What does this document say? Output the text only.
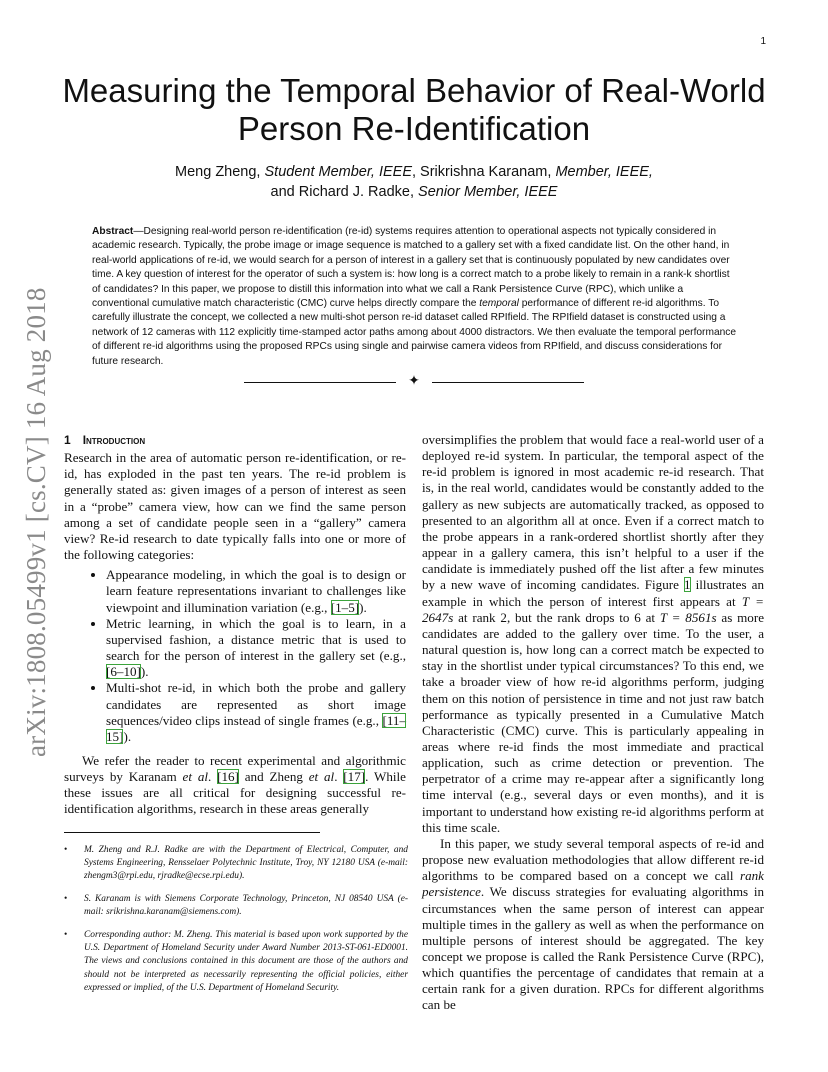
1
Measuring the Temporal Behavior of Real-World Person Re-Identification
Meng Zheng, Student Member, IEEE, Srikrishna Karanam, Member, IEEE,
and Richard J. Radke, Senior Member, IEEE

Abstract—Designing real-world person re-identification (re-id) systems requires attention to operational aspects not typically considered in academic research. Typically, the probe image or image sequence is matched to a gallery set with a fixed candidate list. On the other hand, in real-world applications of re-id, we would search for a person of interest in a gallery set that is continuously populated by new candidates over time. A key question of interest for the operator of such a system is: how long is a correct match to a probe likely to remain in a rank-k shortlist of candidates? In this paper, we propose to distill this information into what we call a Rank Persistence Curve (RPC), which unlike a conventional cumulative match characteristic (CMC) curve helps directly compare the temporal performance of different re-id algorithms. To carefully illustrate the concept, we collected a new multi-shot person re-id dataset called RPIfield. The RPIfield dataset is constructed using a network of 12 cameras with 112 explicitly time-stamped actor paths among about 4000 distractors. We then evaluate the temporal performance of different re-id algorithms using the proposed RPCs using single and pairwise camera videos from RPIfield, and discuss considerations for future research.

✦
arXiv:1808.05499v1 [cs.CV] 16 Aug 2018 1 Introduction

Research in the area of automatic person re-identification, or re-id, has exploded in the past ten years. The re-id problem is generally stated as: given images of a person of interest as seen in a “probe” camera view, how can we find the same person among a set of candidate people seen in a “gallery” camera view? Re-id research to date typically falls into one or more of the following categories:

• Appearance modeling, in which the goal is to design or learn feature representations invariant to challenges like viewpoint and illumination variation (e.g., [1–5]).
• Metric learning, in which the goal is to learn, in a supervised fashion, a distance metric that is used to search for the person of interest in the gallery set (e.g., [6–10]).
• Multi-shot re-id, in which both the probe and gallery candidates are represented as short image sequences/video clips instead of single frames (e.g., [11–15]).

We refer the reader to recent experimental and algorithmic surveys by Karanam et al. [16] and Zheng et al. [17]. While these issues are all critical for designing successful re-identification algorithms, research in these areas generally

• M. Zheng and R.J. Radke are with the Department of Electrical, Computer, and Systems Engineering, Rensselaer Polytechnic Institute, Troy, NY 12180 USA (e-mail: zhengm3@rpi.edu, rjradke@ecse.rpi.edu).
• S. Karanam is with Siemens Corporate Technology, Princeton, NJ 08540 USA (e-mail: srikrishna.karanam@siemens.com).
• Corresponding author: M. Zheng. This material is based upon work supported by the U.S. Department of Homeland Security under Award Number 2013-ST-061-ED0001. The views and conclusions contained in this document are those of the authors and should not be interpreted as necessarily representing the official policies, either expressed or implied, of the U.S. Department of Homeland Security.

oversimplifies the problem that would face a real-world user of a deployed re-id system. In particular, the temporal aspect of the re-id problem is ignored in most academic re-id research. That is, in the real world, candidates would be constantly added to the gallery as new subjects are automatically tracked, as opposed to presented to an algorithm all at once. Even if a correct match to the probe appears in a rank-ordered shortlist shortly after they appear in a gallery camera, this isn’t helpful to a user if the candidate is immediately pushed off the list after a few minutes by a new wave of incoming candidates. Figure 1 illustrates an example in which the person of interest first appears at T = 2647s at rank 2, but the rank drops to 6 at T = 8561s as more candidates are added to the gallery over time. To the user, a natural question is, how long can a correct match be expected to stay in the shortlist under typical circumstances? To this end, we take a broader view of how re-id algorithms perform, judging them on this notion of persistence in time and not just raw batch performance as typically presented in a Cumulative Match Characteristic (CMC) curve. This is particularly appealing in areas where re-id finds the most immediate and practical application, such as crime detection or prevention. The perpetrator of a crime may re-appear after a significantly long time interval (e.g., several days or even months), and it is important to understand how existing re-id algorithms perform at this time scale.

In this paper, we study several temporal aspects of re-id and propose new evaluation methodologies that allow different re-id algorithms to be compared based on a concept we call rank persistence. We discuss strategies for evaluating algorithms in circumstances when the same person of interest can appear multiple times in the gallery as well as when the performance on multiple persons of interest should be aggregated. The key concept we propose is called the Rank Persistence Curve (RPC), which quantifies the percentage of candidates that remain at a certain rank for a given duration. RPCs for different algorithms can be
